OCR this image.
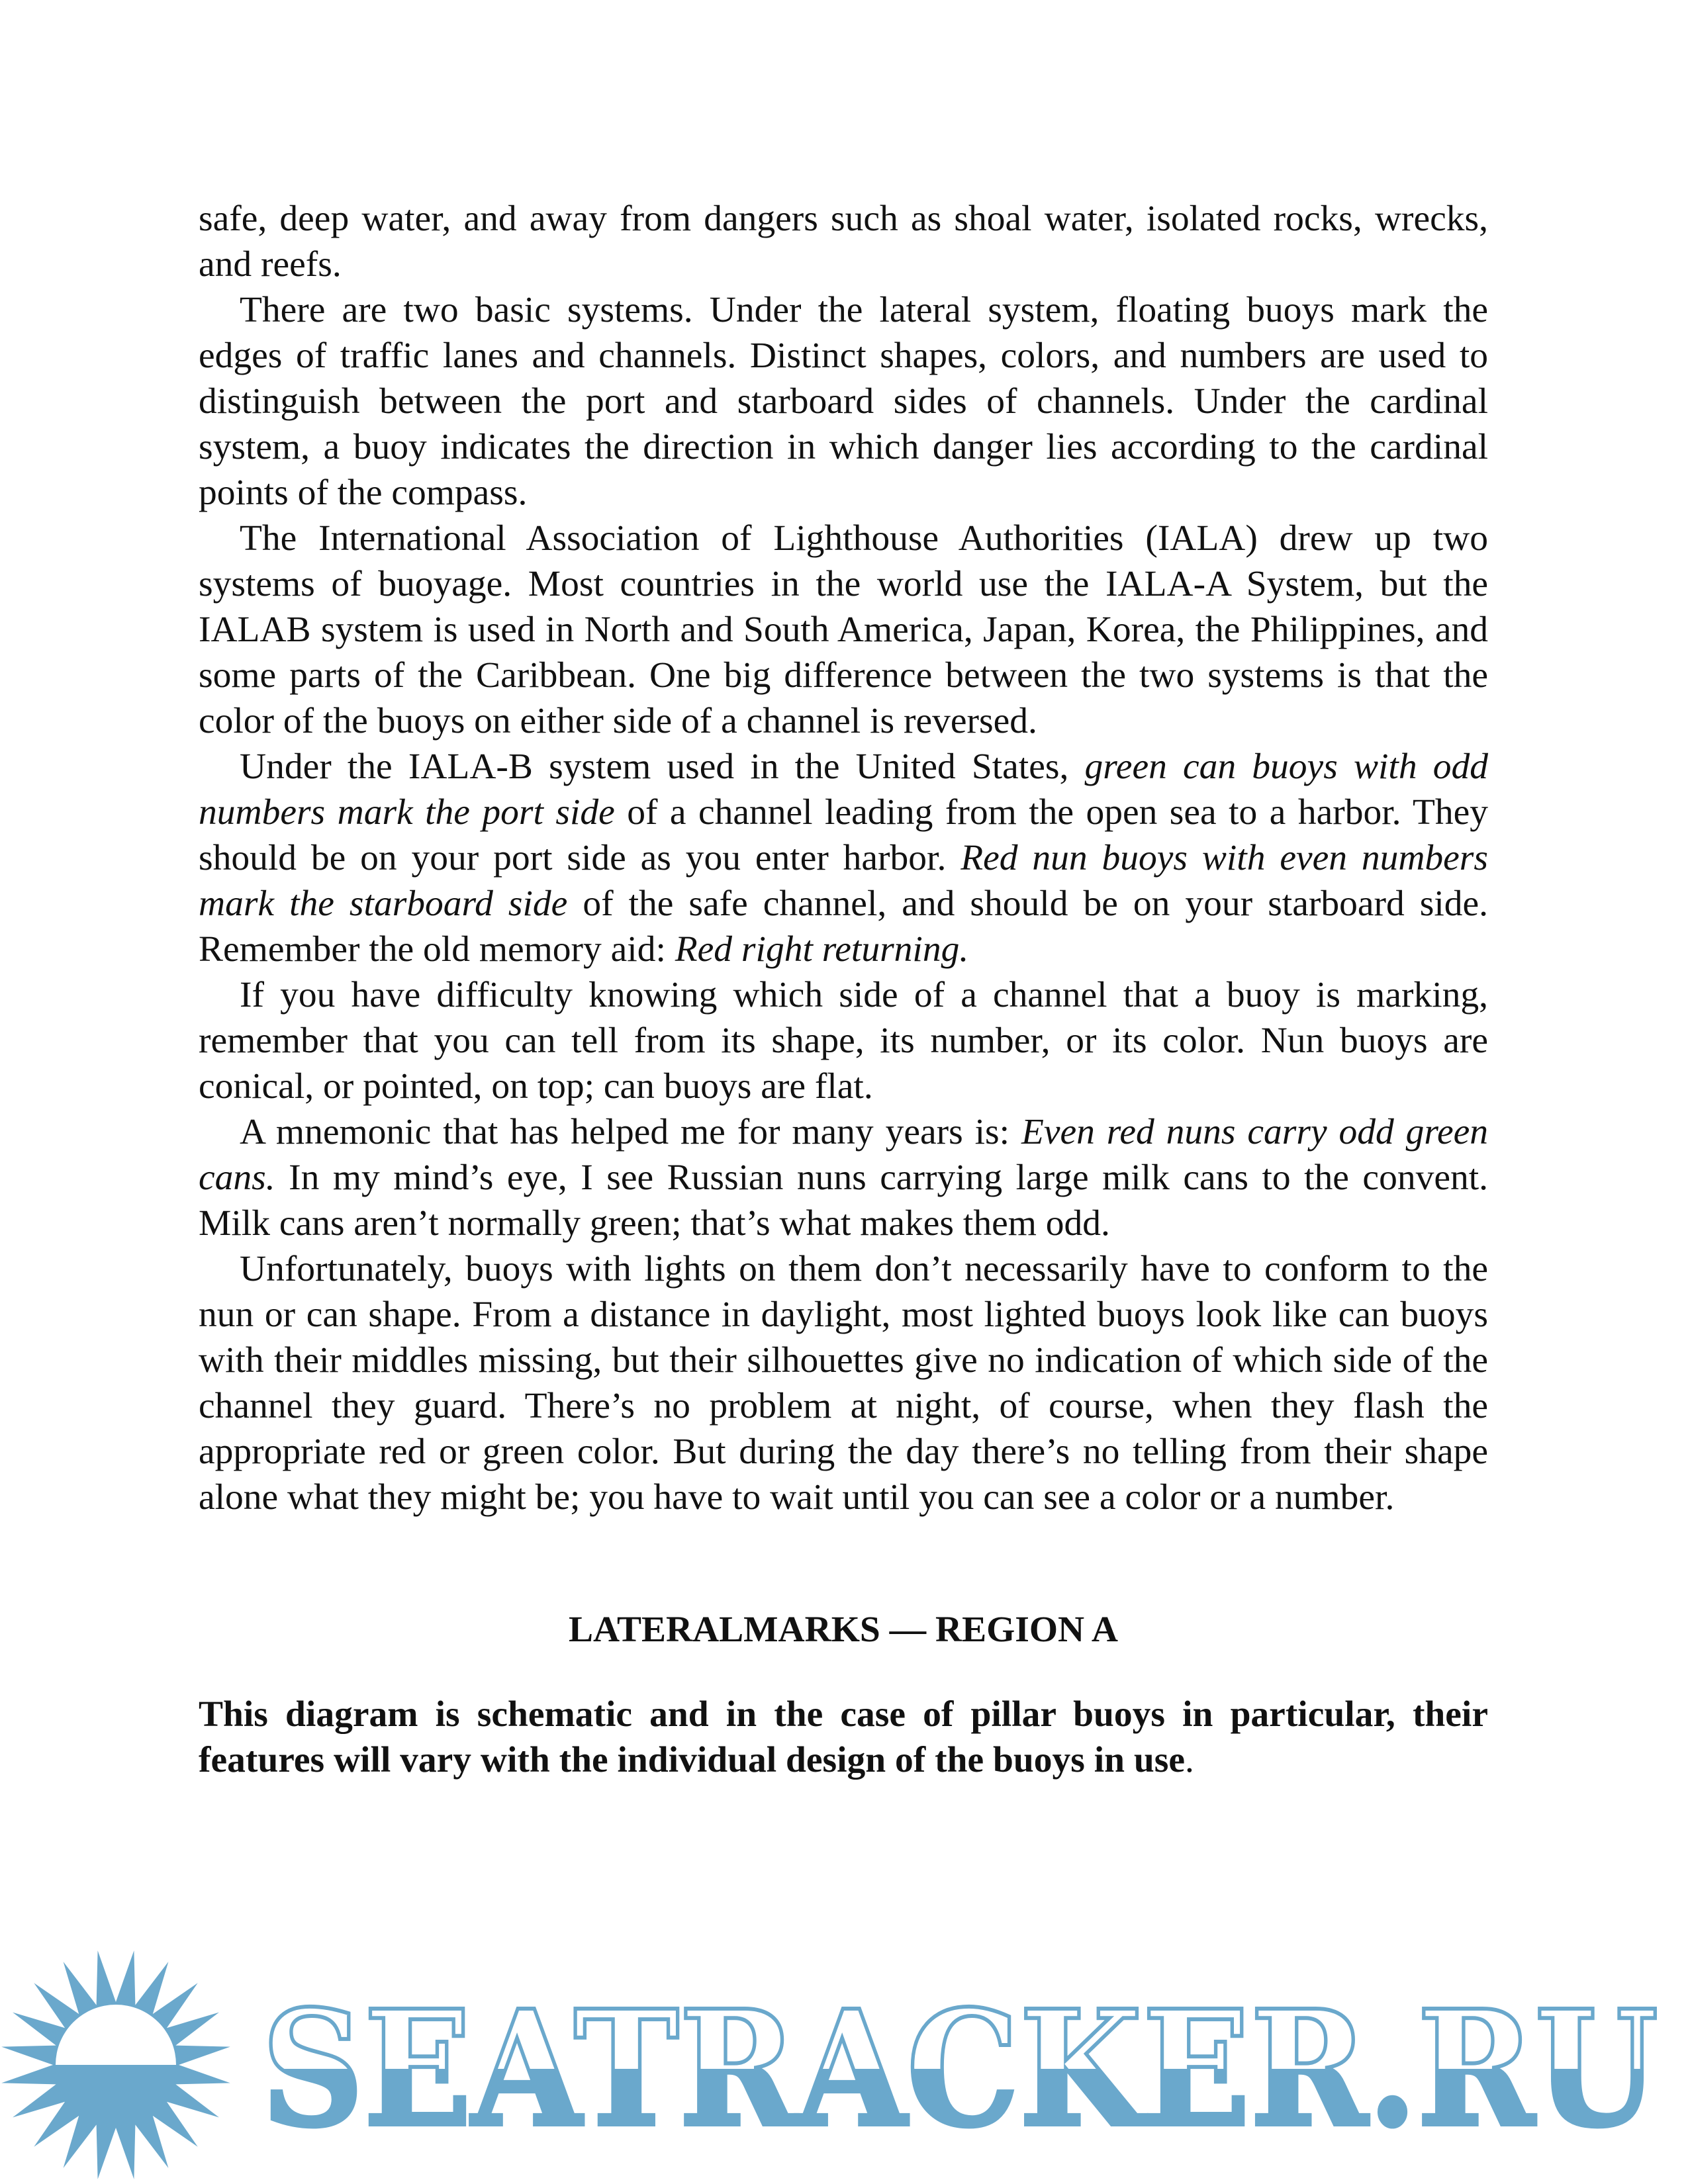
safe, deep water, and away from dangers such as shoal water, isolated rocks, wrecks, and reefs.

There are two basic systems. Under the lateral system, floating buoys mark the edges of traffic lanes and channels. Distinct shapes, colors, and numbers are used to distinguish between the port and starboard sides of channels. Under the cardinal system, a buoy indicates the direction in which danger lies according to the cardinal points of the compass.

The International Association of Lighthouse Authorities (IALA) drew up two systems of buoyage. Most countries in the world use the IALA-A System, but the IALAB system is used in North and South America, Japan, Korea, the Philippines, and some parts of the Caribbean. One big difference between the two systems is that the color of the buoys on either side of a channel is reversed.

Under the IALA-B system used in the United States, green can buoys with odd numbers mark the port side of a channel leading from the open sea to a harbor. They should be on your port side as you enter harbor. Red nun buoys with even numbers mark the starboard side of the safe channel, and should be on your starboard side. Remember the old memory aid: Red right returning.

If you have difficulty knowing which side of a channel that a buoy is marking, remember that you can tell from its shape, its number, or its color. Nun buoys are conical, or pointed, on top; can buoys are flat.

A mnemonic that has helped me for many years is: Even red nuns carry odd green cans. In my mind’s eye, I see Russian nuns carrying large milk cans to the convent. Milk cans aren’t normally green; that’s what makes them odd.

Unfortunately, buoys with lights on them don’t necessarily have to conform to the nun or can shape. From a distance in daylight, most lighted buoys look like can buoys with their middles missing, but their silhouettes give no indication of which side of the channel they guard. There’s no problem at night, of course, when they flash the appropriate red or green color. But during the day there’s no telling from their shape alone what they might be; you have to wait until you can see a color or a number.

LATERALMARKS — REGION A
This diagram is schematic and in the case of pillar buoys in particular, their features will vary with the individual design of the buoys in use.
SEATRACKER.RU
